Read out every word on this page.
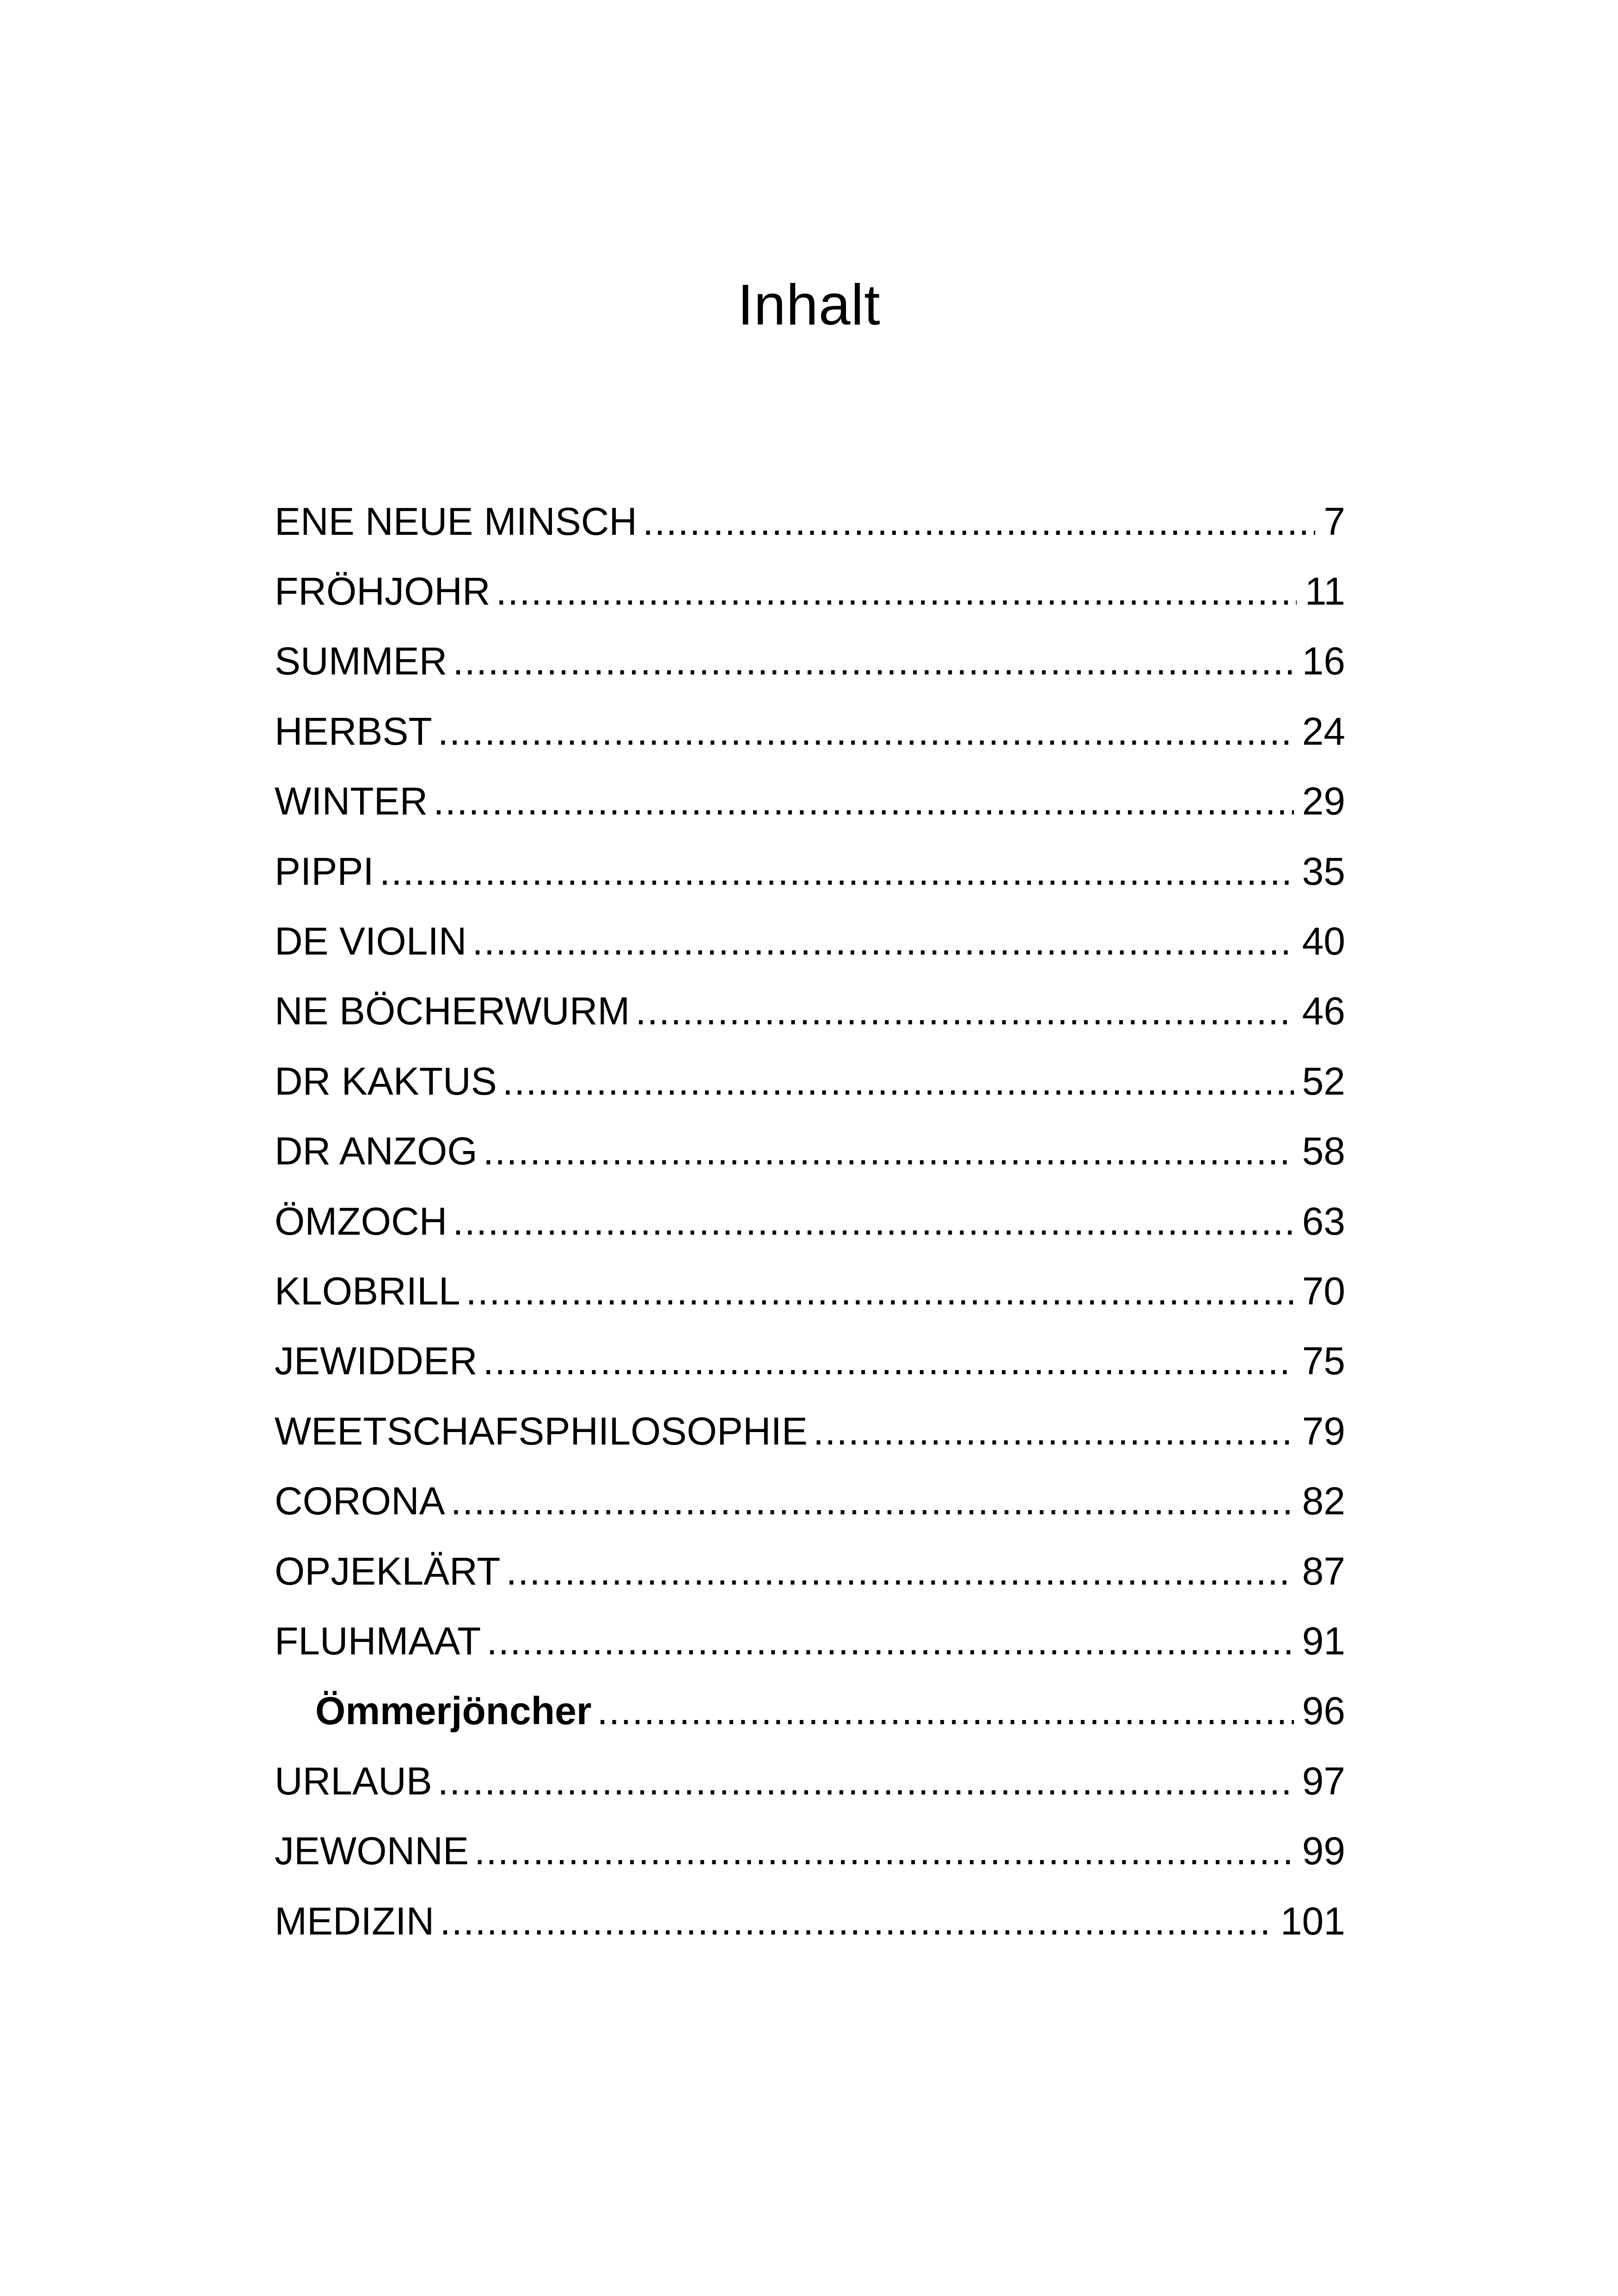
Inhalt
ENE NEUE MINSCH .....	7
FRÖHJOHR .....	11
SUMMER .....	16
HERBST .....	24
WINTER .....	29
PIPPI .....	35
DE VIOLIN .....	40
NE BÖCHERWURM .....	46
DR KAKTUS .....	52
DR ANZOG .....	58
ÖMZOCH .....	63
KLOBRILL .....	70
JEWIDDER .....	75
WEETSCHAFSPHILOSOPHIE .....	79
CORONA .....	82
OPJEKLÄRT .....	87
FLUHMAAT .....	91
Ömmerjöncher .....	96
URLAUB .....	97
JEWONNE .....	99
MEDIZIN .....	101
